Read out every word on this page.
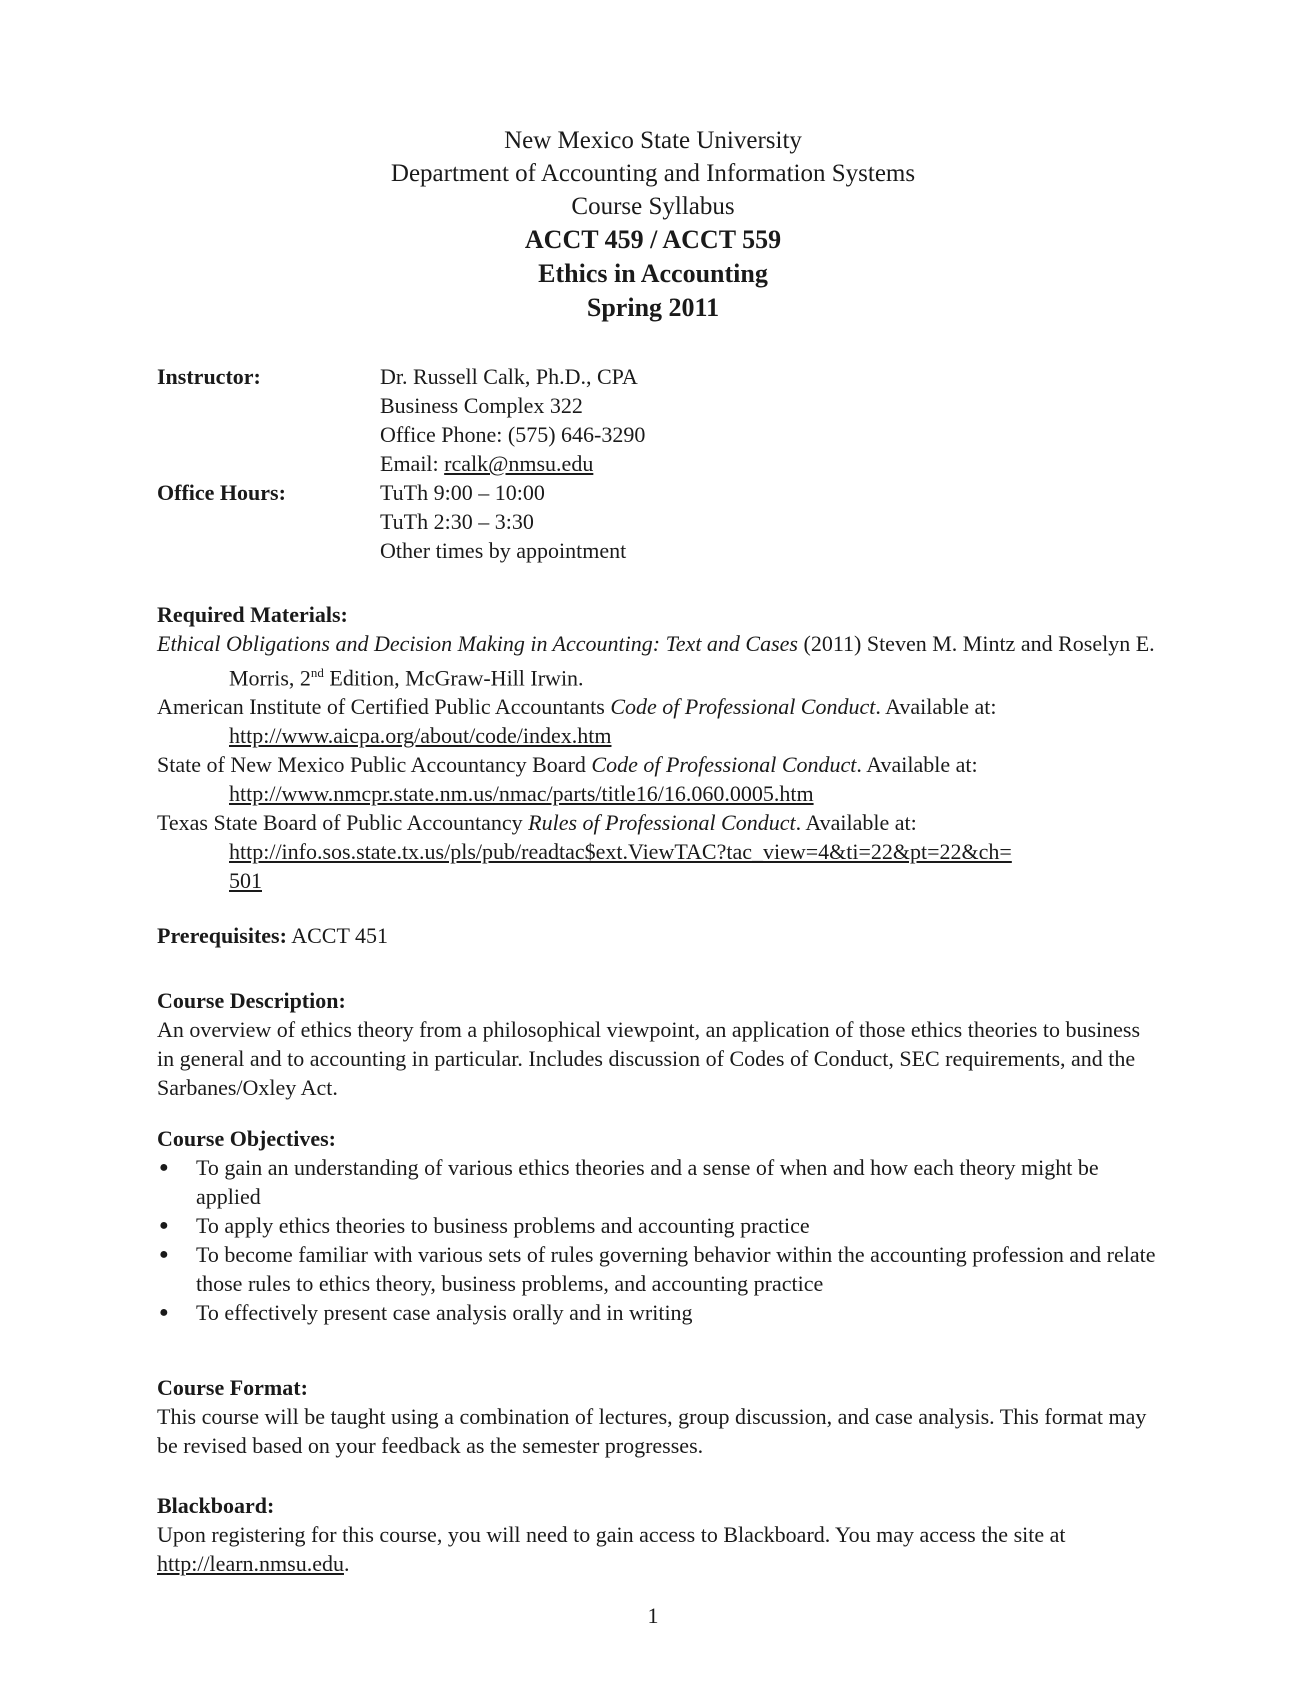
New Mexico State University
Department of Accounting and Information Systems
Course Syllabus
ACCT 459 / ACCT 559
Ethics in Accounting
Spring 2011
Instructor:	Dr. Russell Calk, Ph.D., CPA
Business Complex 322
Office Phone: (575) 646-3290
Email: rcalk@nmsu.edu
Office Hours:	TuTh 9:00 – 10:00
TuTh 2:30 – 3:30
Other times by appointment
Required Materials:
Ethical Obligations and Decision Making in Accounting: Text and Cases (2011) Steven M. Mintz and Roselyn E. Morris, 2nd Edition, McGraw-Hill Irwin.
American Institute of Certified Public Accountants Code of Professional Conduct. Available at:
http://www.aicpa.org/about/code/index.htm
State of New Mexico Public Accountancy Board Code of Professional Conduct. Available at:
http://www.nmcpr.state.nm.us/nmac/parts/title16/16.060.0005.htm
Texas State Board of Public Accountancy Rules of Professional Conduct. Available at:
http://info.sos.state.tx.us/pls/pub/readtac$ext.ViewTAC?tac_view=4&ti=22&pt=22&ch=
501
Prerequisites: ACCT 451
Course Description:
An overview of ethics theory from a philosophical viewpoint, an application of those ethics theories to business in general and to accounting in particular. Includes discussion of Codes of Conduct, SEC requirements, and the Sarbanes/Oxley Act.
Course Objectives:
●	To gain an understanding of various ethics theories and a sense of when and how each theory might be applied
●	To apply ethics theories to business problems and accounting practice
●	To become familiar with various sets of rules governing behavior within the accounting profession and relate those rules to ethics theory, business problems, and accounting practice
●	To effectively present case analysis orally and in writing
Course Format:
This course will be taught using a combination of lectures, group discussion, and case analysis. This format may be revised based on your feedback as the semester progresses.
Blackboard:
Upon registering for this course, you will need to gain access to Blackboard. You may access the site at http://learn.nmsu.edu.
1
